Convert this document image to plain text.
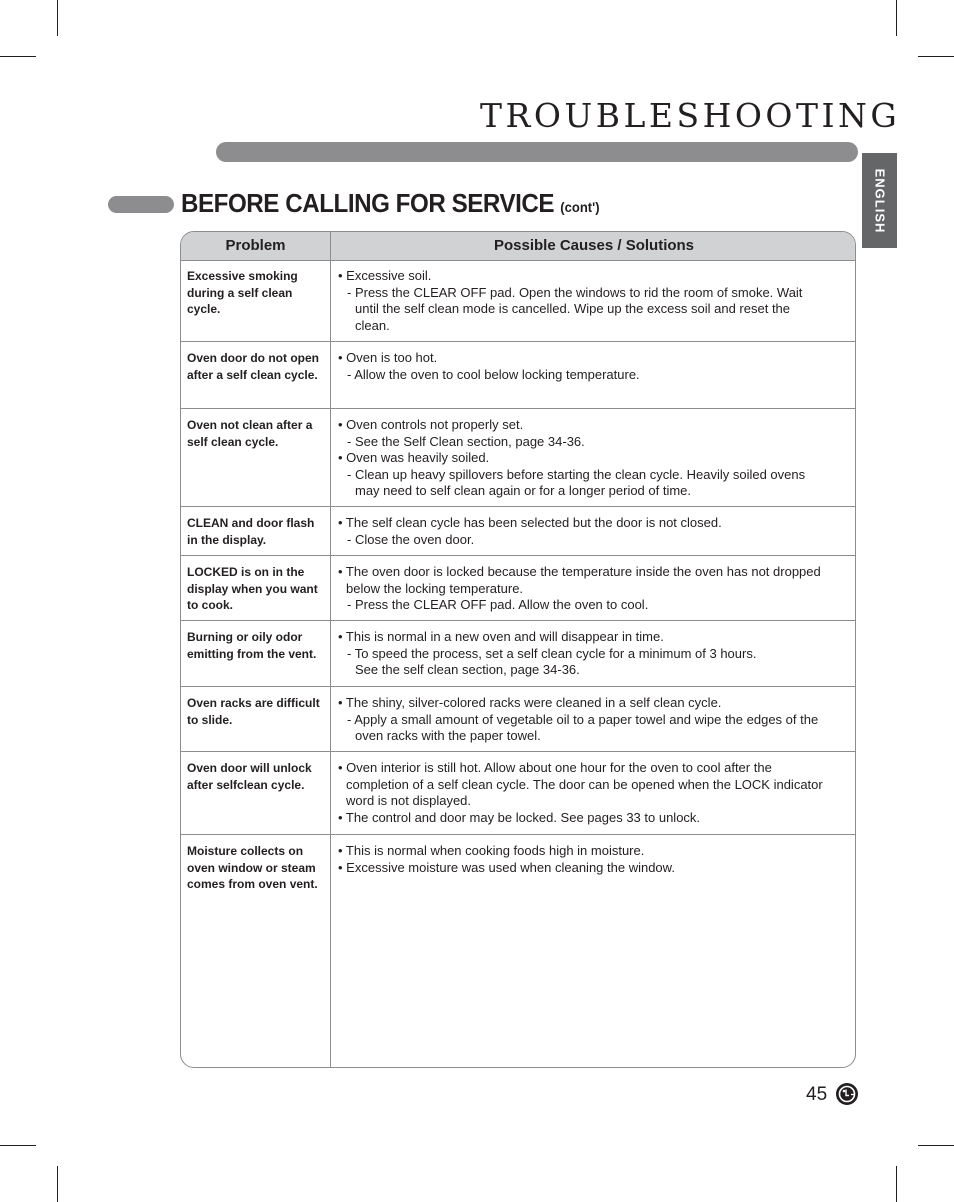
TROUBLESHOOTING
ENGLISH
BEFORE CALLING FOR SERVICE (cont')
Problem	Possible Causes / Solutions
Excessive smoking during a self clean cycle.
• Excessive soil.
- Press the CLEAR OFF pad. Open the windows to rid the room of smoke. Wait
until the self clean mode is cancelled. Wipe up the excess soil and reset the
clean.
Oven door do not open after a self clean cycle.
• Oven is too hot.
- Allow the oven to cool below locking temperature.
Oven not clean after a self clean cycle.
• Oven controls not properly set.
- See the Self Clean section, page 34-36.
• Oven was heavily soiled.
- Clean up heavy spillovers before starting the clean cycle. Heavily soiled ovens
may need to self clean again or for a longer period of time.
CLEAN and door flash in the display.
• The self clean cycle has been selected but the door is not closed.
- Close the oven door.
LOCKED is on in the display when you want to cook.
• The oven door is locked because the temperature inside the oven has not dropped
below the locking temperature.
- Press the CLEAR OFF pad. Allow the oven to cool.
Burning or oily odor emitting from the vent.
• This is normal in a new oven and will disappear in time.
- To speed the process, set a self clean cycle for a minimum of 3 hours.
See the self clean section, page 34-36.
Oven racks are difficult to slide.
• The shiny, silver-colored racks were cleaned in a self clean cycle.
- Apply a small amount of vegetable oil to a paper towel and wipe the edges of the
oven racks with the paper towel.
Oven door will unlock after selfclean cycle.
• Oven interior is still hot. Allow about one hour for the oven to cool after the
completion of a self clean cycle. The door can be opened when the LOCK indicator
word is not displayed.
• The control and door may be locked. See pages 33 to unlock.
Moisture collects on oven window or steam comes from oven vent.
• This is normal when cooking foods high in moisture.
• Excessive moisture was used when cleaning the window.
45
